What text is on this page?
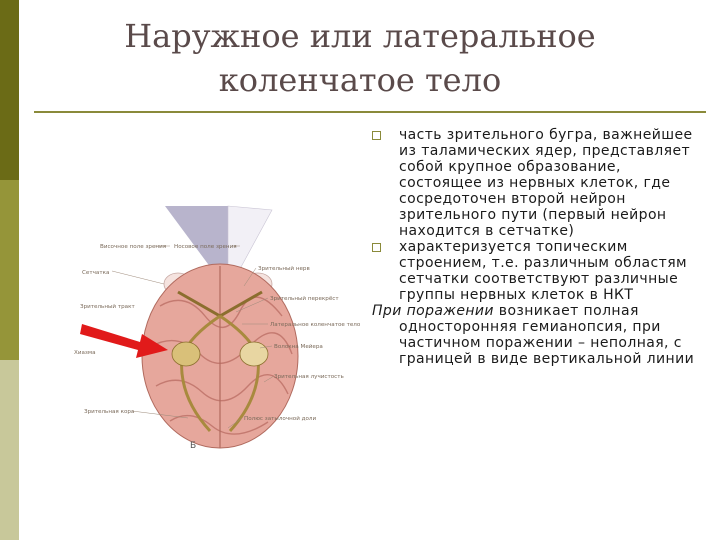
Наружное или латеральное
коленчатое тело
Височное поле зрения Носовое поле зрения
Сетчатка
Зрительный нерв
Зрительный перекрёст
Зрительный тракт
Латеральное коленчатое тело
Хиазма
Волокна Мейера
Зрительная лучистость
Зрительная кора
Полюс затылочной доли
Б
часть зрительного бугра, важнейшее из таламических ядер, представляет собой крупное образование, состоящее из нервных клеток, где сосредоточен второй нейрон зрительного пути (первый нейрон находится в сетчатке)
характеризуется топическим строением, т.е. различным областям сетчатки соответствуют различные группы нервных клеток в НКТ
При поражении возникает полная
односторонняя гемианопсия, при частичном поражении – неполная, с границей в виде вертикальной линии
